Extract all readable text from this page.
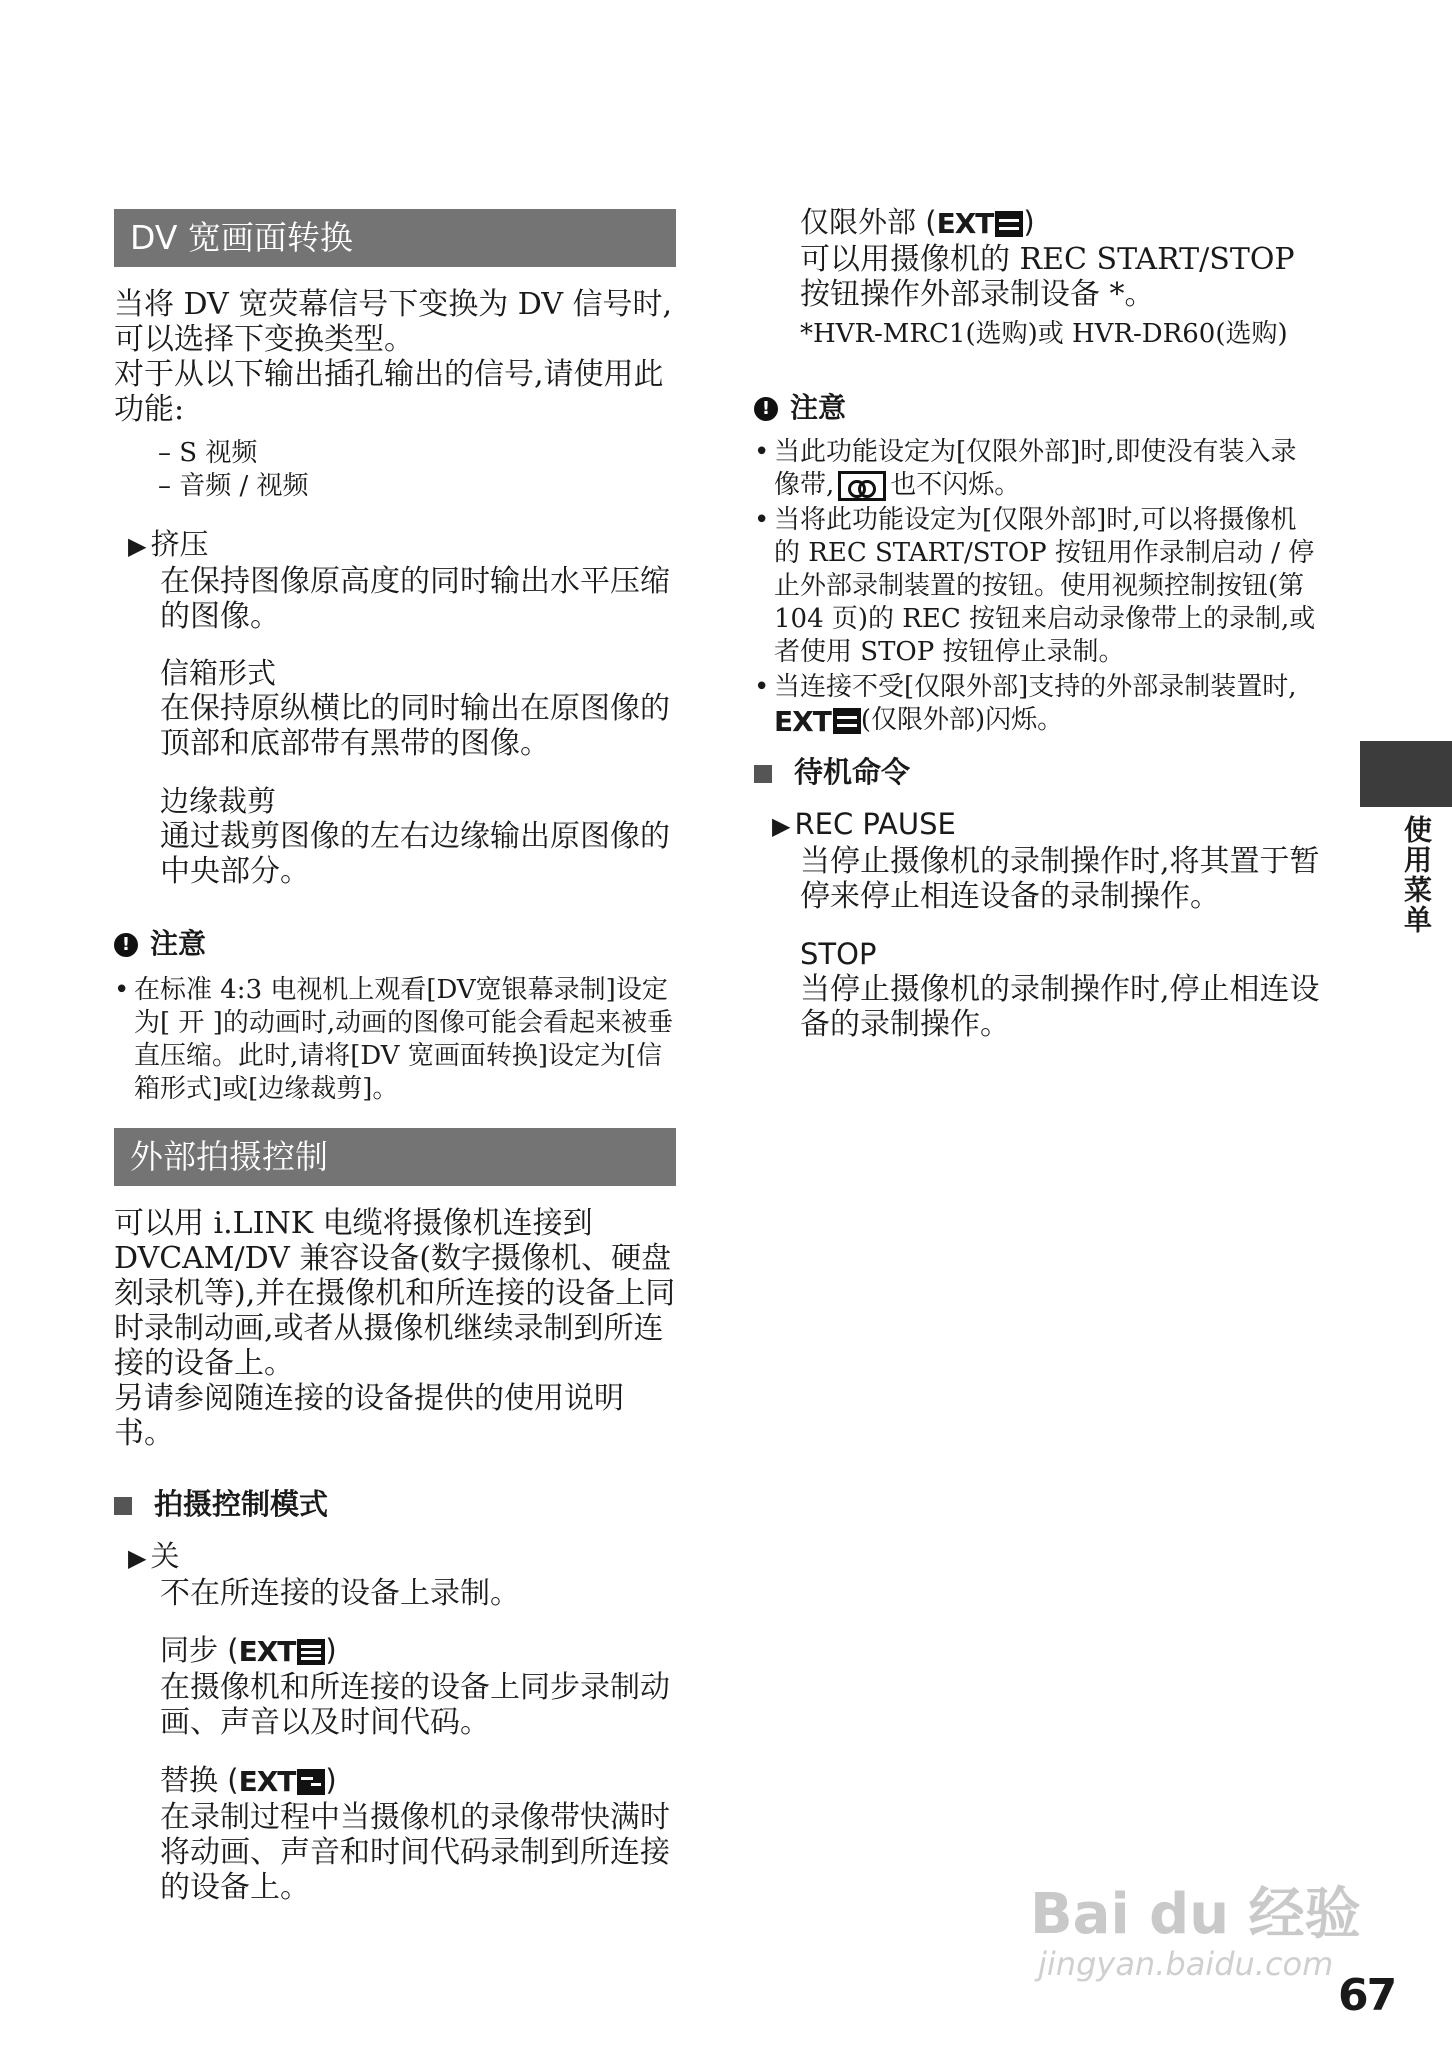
DV 宽画面转换
当将 DV 宽荧幕信号下变换为 DV 信号时,可以选择下变换类型。
对于从以下输出插孔输出的信号,请使用此功能:
– S 视频
– 音频 / 视频
▶ 挤压
在保持图像原高度的同时输出水平压缩的图像。
信箱形式
在保持原纵横比的同时输出在原图像的顶部和底部带有黑带的图像。
边缘裁剪
通过裁剪图像的左右边缘输出原图像的中央部分。
! 注意
• 在标准 4:3 电视机上观看[DV宽银幕录制]设定为[ 开 ]的动画时,动画的图像可能会看起来被垂直压缩。此时,请将[DV 宽画面转换]设定为[信箱形式]或[边缘裁剪]。
外部拍摄控制
可以用 i.LINK 电缆将摄像机连接到DVCAM/DV 兼容设备(数字摄像机、硬盘刻录机等),并在摄像机和所连接的设备上同时录制动画,或者从摄像机继续录制到所连接的设备上。
另请参阅随连接的设备提供的使用说明书。
拍摄控制模式
▶ 关
不在所连接的设备上录制。
同步 ( EXT )
在摄像机和所连接的设备上同步录制动画、声音以及时间代码。
替换 ( EXT )
在录制过程中当摄像机的录像带快满时将动画、声音和时间代码录制到所连接的设备上。
仅限外部 ( EXT )
可以用摄像机的 REC START/STOP 按钮操作外部录制设备 *。
*HVR-MRC1(选购)或 HVR-DR60(选购)
! 注意
• 当此功能设定为[仅限外部]时,即使没有装入录像带, 也不闪烁。
• 当将此功能设定为[仅限外部]时,可以将摄像机的 REC START/STOP 按钮用作录制启动 / 停止外部录制装置的按钮。使用视频控制按钮(第 104 页)的 REC 按钮来启动录像带上的录制,或者使用 STOP 按钮停止录制。
• 当连接不受[仅限外部]支持的外部录制装置时,
EXT (仅限外部)闪烁。
待机命令
▶ REC PAUSE
当停止摄像机的录制操作时,将其置于暂停来停止相连设备的录制操作。
STOP
当停止摄像机的录制操作时,停止相连设备的录制操作。
使用菜单
Bai du 经验
jingyan.baidu.com
67
